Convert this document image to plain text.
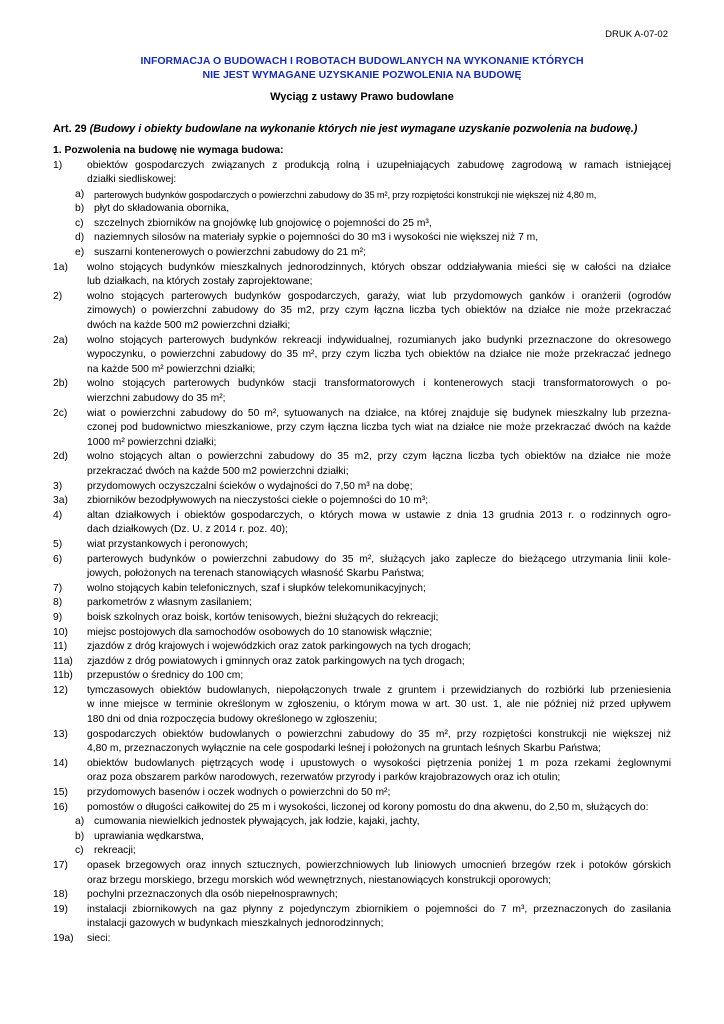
DRUK A-07-02
INFORMACJA O BUDOWACH I ROBOTACH BUDOWLANYCH NA WYKONANIE KTÓRYCH
NIE JEST WYMAGANE UZYSKANIE POZWOLENIA NA BUDOWĘ
Wyciąg z ustawy Prawo budowlane
Art. 29 (Budowy i obiekty budowlane na wykonanie których nie jest wymagane uzyskanie pozwolenia na budowę.)
1. Pozwolenia na budowę nie wymaga budowa:
1) obiektów gospodarczych związanych z produkcją rolną i uzupełniających zabudowę zagrodową w ramach istniejącej
działki siedliskowej:
a) parterowych budynków gospodarczych o powierzchni zabudowy do 35 m², przy rozpiętości konstrukcji nie większej niż 4,80 m,
b) płyt do składowania obornika,
c) szczelnych zbiorników na gnojówkę lub gnojowicę o pojemności do 25 m³,
d) naziemnych silosów na materiały sypkie o pojemności do 30 m3 i wysokości nie większej niż 7 m,
e) suszarni kontenerowych o powierzchni zabudowy do 21 m²;
1a) wolno stojących budynków mieszkalnych jednorodzinnych, których obszar oddziaływania mieści się w całości na działce
lub działkach, na których zostały zaprojektowane;
2) wolno stojących parterowych budynków gospodarczych, garaży, wiat lub przydomowych ganków i oranżerii (ogrodów
zimowych) o powierzchni zabudowy do 35 m2, przy czym łączna liczba tych obiektów na działce nie może przekraczać
dwóch na każde 500 m2 powierzchni działki;
2a) wolno stojących parterowych budynków rekreacji indywidualnej, rozumianych jako budynki przeznaczone do okresowego
wypoczynku, o powierzchni zabudowy do 35 m², przy czym liczba tych obiektów na działce nie może przekraczać jednego
na każde 500 m² powierzchni działki;
2b) wolno stojących parterowych budynków stacji transformatorowych i kontenerowych stacji transformatorowych o po-
wierzchni zabudowy do 35 m²;
2c) wiat o powierzchni zabudowy do 50 m², sytuowanych na działce, na której znajduje się budynek mieszkalny lub przezna-
czonej pod budownictwo mieszkaniowe, przy czym łączna liczba tych wiat na działce nie może przekraczać dwóch na każde
1000 m² powierzchni działki;
2d) wolno stojących altan o powierzchni zabudowy do 35 m2, przy czym łączna liczba tych obiektów na działce nie może
przekraczać dwóch na każde 500 m2 powierzchni działki;
3) przydomowych oczyszczalni ścieków o wydajności do 7,50 m³ na dobę;
3a) zbiorników bezodpływowych na nieczystości ciekłe o pojemności do 10 m³;
4) altan działkowych i obiektów gospodarczych, o których mowa w ustawie z dnia 13 grudnia 2013 r. o rodzinnych ogro-
dach działkowych (Dz. U. z 2014 r. poz. 40);
5) wiat przystankowych i peronowych;
6) parterowych budynków o powierzchni zabudowy do 35 m², służących jako zaplecze do bieżącego utrzymania linii kole-
jowych, położonych na terenach stanowiących własność Skarbu Państwa;
7) wolno stojących kabin telefonicznych, szaf i słupków telekomunikacyjnych;
8) parkometrów z własnym zasilaniem;
9) boisk szkolnych oraz boisk, kortów tenisowych, bieżni służących do rekreacji;
10) miejsc postojowych dla samochodów osobowych do 10 stanowisk włącznie;
11) zjazdów z dróg krajowych i wojewódzkich oraz zatok parkingowych na tych drogach;
11a) zjazdów z dróg powiatowych i gminnych oraz zatok parkingowych na tych drogach;
11b) przepustów o średnicy do 100 cm;
12) tymczasowych obiektów budowlanych, niepołączonych trwale z gruntem i przewidzianych do rozbiórki lub przeniesienia
w inne miejsce w terminie określonym w zgłoszeniu, o którym mowa w art. 30 ust. 1, ale nie później niż przed upływem
180 dni od dnia rozpoczęcia budowy określonego w zgłoszeniu;
13) gospodarczych obiektów budowlanych o powierzchni zabudowy do 35 m², przy rozpiętości konstrukcji nie większej niż
4,80 m, przeznaczonych wyłącznie na cele gospodarki leśnej i położonych na gruntach leśnych Skarbu Państwa;
14) obiektów budowlanych piętrzących wodę i upustowych o wysokości piętrzenia poniżej 1 m poza rzekami żeglownymi
oraz poza obszarem parków narodowych, rezerwatów przyrody i parków krajobrazowych oraz ich otulin;
15) przydomowych basenów i oczek wodnych o powierzchni do 50 m²;
16) pomostów o długości całkowitej do 25 m i wysokości, liczonej od korony pomostu do dna akwenu, do 2,50 m, służących do:
a) cumowania niewielkich jednostek pływających, jak łodzie, kajaki, jachty,
b) uprawiania wędkarstwa,
c) rekreacji;
17) opasek brzegowych oraz innych sztucznych, powierzchniowych lub liniowych umocnień brzegów rzek i potoków górskich
oraz brzegu morskiego, brzegu morskich wód wewnętrznych, niestanowiących konstrukcji oporowych;
18) pochylni przeznaczonych dla osób niepełnosprawnych;
19) instalacji zbiornikowych na gaz płynny z pojedynczym zbiornikiem o pojemności do 7 m³, przeznaczonych do zasilania
instalacji gazowych w budynkach mieszkalnych jednorodzinnych;
19a) sieci:
